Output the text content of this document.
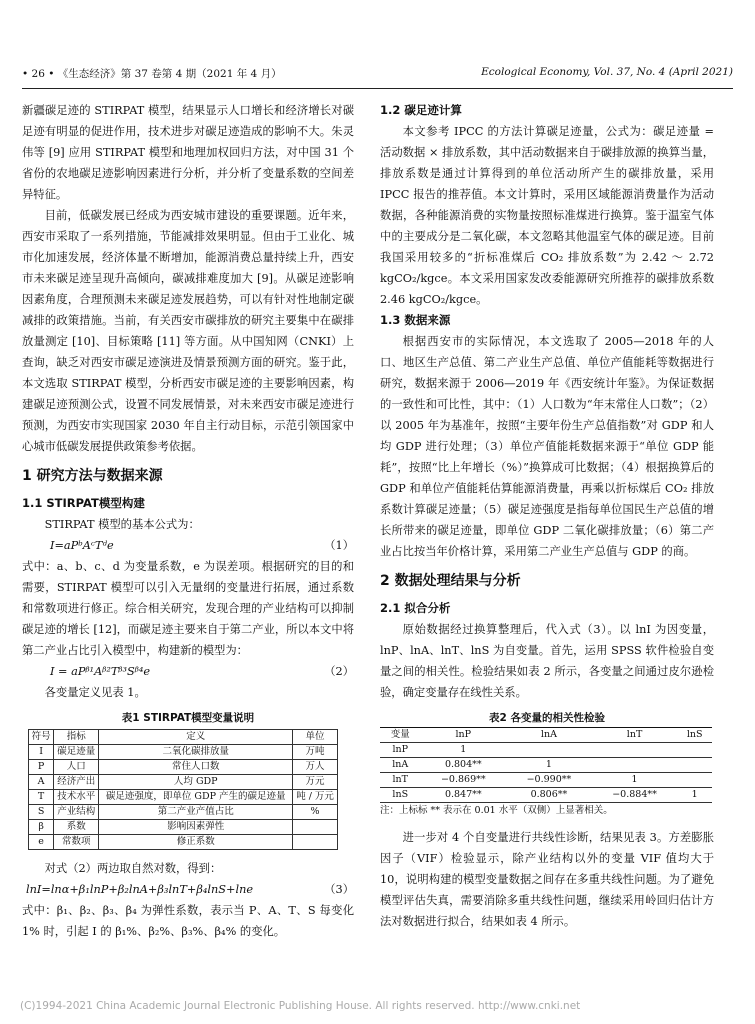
• 26 • 《生态经济》第 37 卷第 4 期（2021 年 4 月）	Ecological Economy, Vol. 37, No. 4 (April 2021)

新疆碳足迹的 STIRPAT 模型，结果显示人口增长和经济增长对碳足迹有明显的促进作用，技术进步对碳足迹造成的影响不大。朱灵伟等 [9] 应用 STIRPAT 模型和地理加权回归方法，对中国 31 个省份的农地碳足迹影响因素进行分析，并分析了变量系数的空间差异特征。

目前，低碳发展已经成为西安城市建设的重要课题。近年来，西安市采取了一系列措施，节能减排效果明显。但由于工业化、城市化加速发展，经济体量不断增加，能源消费总量持续上升，西安市未来碳足迹呈现升高倾向，碳减排难度加大 [9]。从碳足迹影响因素角度，合理预测未来碳足迹发展趋势，可以有针对性地制定碳减排的政策措施。当前，有关西安市碳排放的研究主要集中在碳排放量测定 [10]、目标策略 [11] 等方面。从中国知网（CNKI）上查询，缺乏对西安市碳足迹演进及情景预测方面的研究。鉴于此，本文选取 STIRPAT 模型，分析西安市碳足迹的主要影响因素，构建碳足迹预测公式，设置不同发展情景，对未来西安市碳足迹进行预测，为西安市实现国家 2030 年自主行动目标，示范引领国家中心城市低碳发展提供政策参考依据。

1 研究方法与数据来源
1.1 STIRPAT模型构建

STIRPAT 模型的基本公式为：

I=aPᵇAᶜTᵈe	（1）

式中：a、b、c、d 为变量系数，e 为误差项。根据研究的目的和需要，STIRPAT 模型可以引入无量纲的变量进行拓展，通过系数和常数项进行修正。综合相关研究，发现合理的产业结构可以抑制碳足迹的增长 [12]，而碳足迹主要来自于第二产业，所以本文中将第二产业占比引入模型中，构建新的模型为：

I = aPᵝ¹Aᵝ²Tᵝ³Sᵝ⁴e	（2）

各变量定义见表 1。

表1 STIRPAT模型变量说明
符号	指标	定义	单位
I	碳足迹量	二氧化碳排放量	万吨
P	人口	常住人口数	万人
A	经济产出	人均 GDP	万元
T	技术水平	碳足迹强度，即单位 GDP 产生的碳足迹量	吨 / 万元
S	产业结构	第二产业产值占比	%
β	系数	影响因素弹性	
e	常数项	修正系数	

对式（2）两边取自然对数，得到：

lnI=lnα+β₁lnP+β₂lnA+β₃lnT+β₄lnS+lne	（3）

式中：β₁、β₂、β₃、β₄ 为弹性系数，表示当 P、A、T、S 每变化 1% 时，引起 I 的 β₁%、β₂%、β₃%、β₄% 的变化。

1.2 碳足迹计算

本文参考 IPCC 的方法计算碳足迹量，公式为：碳足迹量 = 活动数据 × 排放系数，其中活动数据来自于碳排放源的换算当量，排放系数是通过计算得到的单位活动所产生的碳排放量，采用 IPCC 报告的推荐值。本文计算时，采用区域能源消费量作为活动数据，各种能源消费的实物量按照标准煤进行换算。鉴于温室气体中的主要成分是二氧化碳，本文忽略其他温室气体的碳足迹。目前我国采用较多的“折标准煤后 CO₂ 排放系数”为 2.42 ～ 2.72 kgCO₂/kgce。本文采用国家发改委能源研究所推荐的碳排放系数 2.46 kgCO₂/kgce。

1.3 数据来源

根据西安市的实际情况，本文选取了 2005—2018 年的人口、地区生产总值、第二产业生产总值、单位产值能耗等数据进行研究，数据来源于 2006—2019 年《西安统计年鉴》。为保证数据的一致性和可比性，其中：（1）人口数为“年末常住人口数”；（2）以 2005 年为基准年，按照“主要年份生产总值指数”对 GDP 和人均 GDP 进行处理；（3）单位产值能耗数据来源于“单位 GDP 能耗”，按照“比上年增长（%）”换算成可比数据；（4）根据换算后的 GDP 和单位产值能耗估算能源消费量，再乘以折标煤后 CO₂ 排放系数计算碳足迹量；（5）碳足迹强度是指每单位国民生产总值的增长所带来的碳足迹量，即单位 GDP 二氧化碳排放量；（6）第二产业占比按当年价格计算，采用第二产业生产总值与 GDP 的商。

2 数据处理结果与分析
2.1 拟合分析

原始数据经过换算整理后，代入式（3）。以 lnI 为因变量，lnP、lnA、lnT、lnS 为自变量。首先，运用 SPSS 软件检验自变量之间的相关性。检验结果如表 2 所示，各变量之间通过皮尔逊检验，确定变量存在线性关系。

表2 各变量的相关性检验
变量	lnP	lnA	lnT	lnS
lnP	1			
lnA	0.804**	1		
lnT	−0.869**	−0.990**	1	
lnS	0.847**	0.806**	−0.884**	1
注：上标标 ** 表示在 0.01 水平（双侧）上显著相关。

进一步对 4 个自变量进行共线性诊断，结果见表 3。方差膨胀因子（VIF）检验显示，除产业结构以外的变量 VIF 值均大于 10，说明构建的模型变量数据之间存在多重共线性问题。为了避免模型评估失真，需要消除多重共线性问题，继续采用岭回归估计方法对数据进行拟合，结果如表 4 所示。

(C)1994-2021 China Academic Journal Electronic Publishing House. All rights reserved. http://www.cnki.net
